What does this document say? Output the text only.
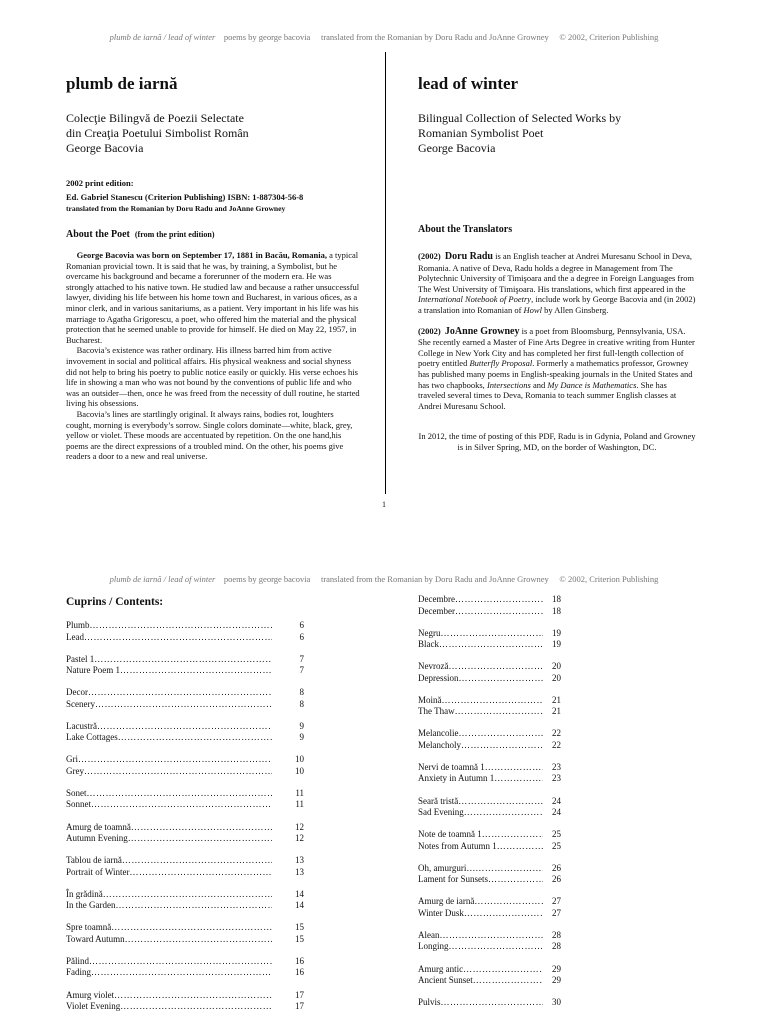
plumb de iarnă / lead of winter poems by george bacovia translated from the Romanian by Doru Radu and JoAnne Growney © 2002, Criterion Publishing

plumb de iarnă

Colecţie Bilingvă de Poezii Selectate

din Creaţia Poetului Simbolist Român

George Bacovia

2002 print edition:
Ed. Gabriel Stanescu (Criterion Publishing) ISBN: 1-887304-56-8
translated from the Romanian by Doru Radu and JoAnne Growney
About the Poet (from the print edition)

George Bacovia was born on September 17, 1881 in Bacău, Romania, a typical Romanian provicial town. It is said that he was, by training, a Symbolist, but he overcame his background and became a forerunner of the modern era. He was strongly attached to his native town. He studied law and because a rather unsuccessful lawyer, dividing his life between his home town and Bucharest, in various oﬁces, as a minor clerk, and in various sanitariums, as a patient. Very important in his life was his marriage to Agatha Grigorescu, a poet, who offered him the material and the physical protection that he seemed unable to provide for himself. He died on May 22, 1957, in Bucharest.

Bacovia’s existence was rather ordinary. His illness barred him from active invovement in social and political affairs. His physical weakness and social shyness did not help to bring his poetry to public notice easily or quickly. His verse echoes his life in showing a man who was not bound by the conventions of public life and who was an outsider—then, once he was freed from the necessity of dull routine, he started living his obsessions.

Bacovia’s lines are startlingly original. It always rains, bodies rot, loughters cought, morning is everybody’s sorrow. Single colors dominate—white, black, grey, yellow or violet. These moods are accentuated by repetition. On the one hand,his poems are the direct expressions of a troubled mind. On the other, his poems give readers a door to a new and real universe.

lead of winter

Bilingual Collection of Selected Works by

Romanian Symbolist Poet

George Bacovia

About the Translators

(2002) Doru Radu is an English teacher at Andrei Muresanu School in Deva, Romania. A native of Deva, Radu holds a degree in Management from The Polytechnic University of Timişoara and the a degree in Foreign Languages from The West University of Timişoara. His translations, which first appeared in the International Notebook of Poetry, include work by George Bacovia and (in 2002) a translation into Romanian of Howl by Allen Ginsberg.

(2002) JoAnne Growney is a poet from Bloomsburg, Pennsylvania, USA. She recently earned a Master of Fine Arts Degree in creative writing from Hunter College in New York City and has completed her first full-length collection of poetry entitled Butterfly Proposal. Formerly a mathematics professor, Growney has published many poems in English-speaking journals in the United States and has two chapbooks, Intersections and My Dance is Mathematics. She has traveled several times to Deva, Romania to teach summer English classes at Andrei Muresanu School.

In 2012, the time of posting of this PDF, Radu is in Gdynia, Poland and Growney is in Silver Spring, MD, on the border of Washington, DC.

1
plumb de iarnă / lead of winter poems by george bacovia translated from the Romanian by Doru Radu and JoAnne Growney © 2002, Criterion Publishing
Cuprins / Contents:
Plumb ……………………………………………………………………………………………………………………	6
Lead ……………………………………………………………………………………………………………………	6
Pastel 1 ……………………………………………………………………………………………………………………	7
Nature Poem 1 ……………………………………………………………………………………………………………………	7
Decor ……………………………………………………………………………………………………………………	8
Scenery ……………………………………………………………………………………………………………………	8
Lacustră ……………………………………………………………………………………………………………………	9
Lake Cottages ……………………………………………………………………………………………………………………	9
Gri ……………………………………………………………………………………………………………………	10
Grey ……………………………………………………………………………………………………………………	10
Sonet ……………………………………………………………………………………………………………………	11
Sonnet ……………………………………………………………………………………………………………………	11
Amurg de toamnă ……………………………………………………………………………………………………………………	12
Autumn Evening ……………………………………………………………………………………………………………………	12
Tablou de iarnă ……………………………………………………………………………………………………………………	13
Portrait of Winter ……………………………………………………………………………………………………………………	13
În grădină ……………………………………………………………………………………………………………………	14
In the Garden ……………………………………………………………………………………………………………………	14
Spre toamnă ……………………………………………………………………………………………………………………	15
Toward Autumn ……………………………………………………………………………………………………………………	15
Pălind ……………………………………………………………………………………………………………………	16
Fading ……………………………………………………………………………………………………………………	16
Amurg violet ……………………………………………………………………………………………………………………	17
Violet Evening ……………………………………………………………………………………………………………………	17
Decembre ……………………………………………………………………………………………………………………	18
December ……………………………………………………………………………………………………………………	18
Negru ……………………………………………………………………………………………………………………	19
Black ……………………………………………………………………………………………………………………	19
Nevroză ……………………………………………………………………………………………………………………	20
Depression ……………………………………………………………………………………………………………………	20
Moină ……………………………………………………………………………………………………………………	21
The Thaw ……………………………………………………………………………………………………………………	21
Melancolie ……………………………………………………………………………………………………………………	22
Melancholy ……………………………………………………………………………………………………………………	22
Nervi de toamnă 1 ……………………………………………………………………………………………………………………	23
Anxiety in Autumn 1 ……………………………………………………………………………………………………………………	23
Seară tristă ……………………………………………………………………………………………………………………	24
Sad Evening ……………………………………………………………………………………………………………………	24
Note de toamnă 1 ……………………………………………………………………………………………………………………	25
Notes from Autumn 1 ……………………………………………………………………………………………………………………	25
Oh, amurguri… ……………………………………………………………………………………………………………………	26
Lament for Sunsets ……………………………………………………………………………………………………………………	26
Amurg de iarnă ……………………………………………………………………………………………………………………	27
Winter Dusk ……………………………………………………………………………………………………………………	27
Alean ……………………………………………………………………………………………………………………	28
Longing ……………………………………………………………………………………………………………………	28
Amurg antic ……………………………………………………………………………………………………………………	29
Ancient Sunset ……………………………………………………………………………………………………………………	29
Pulvis ……………………………………………………………………………………………………………………	30
